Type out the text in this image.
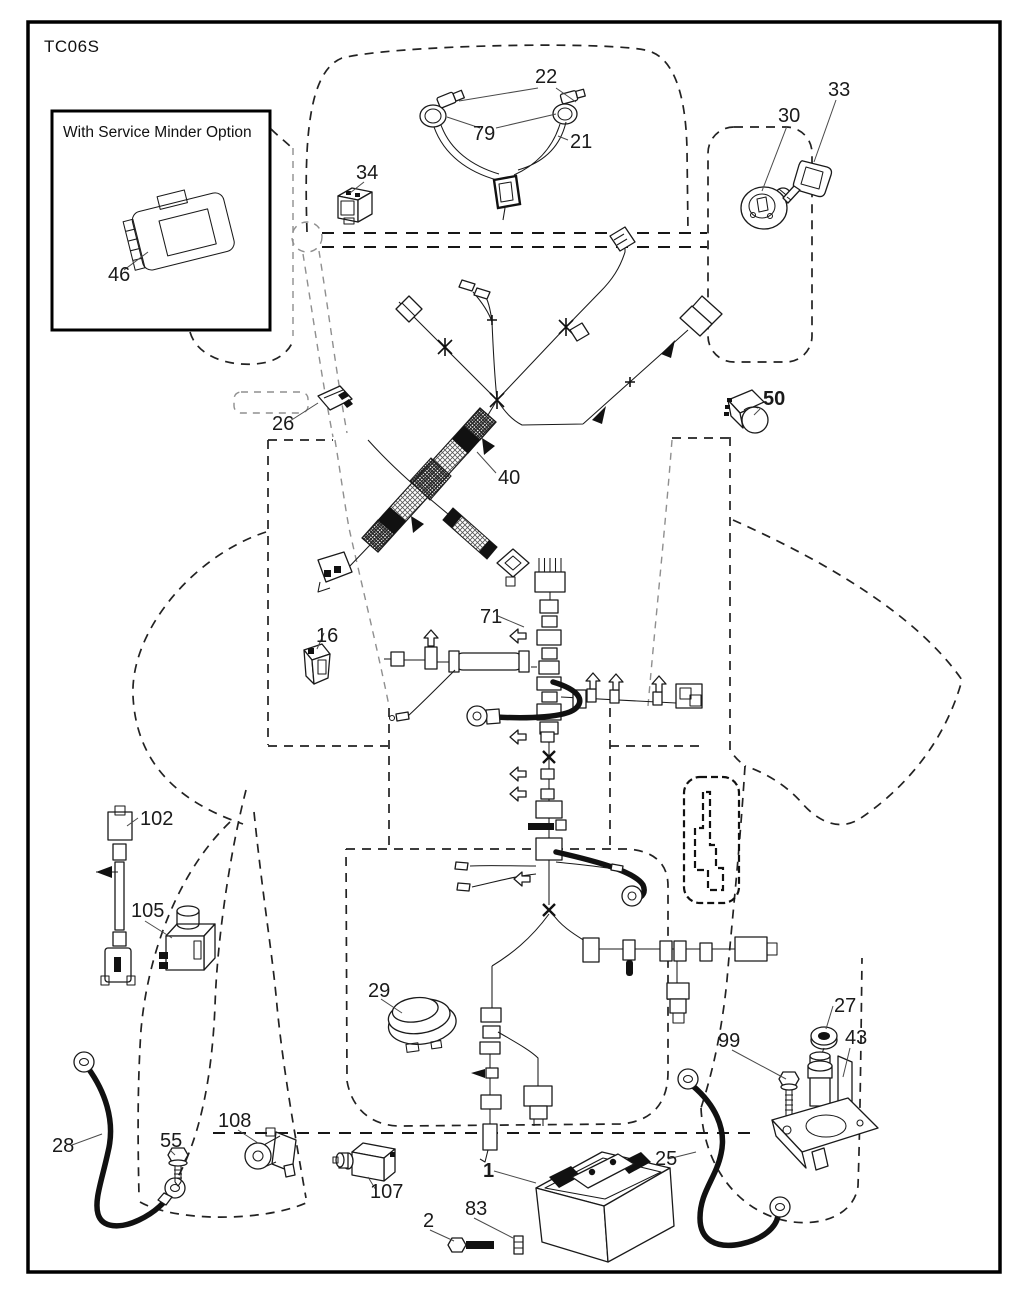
TC06S
With Service Minder Option
46
22
79	21
34
30
33
26
40
50
16
71
102
105
29
28	55
108
107
1
2
83
25
99
27
43
